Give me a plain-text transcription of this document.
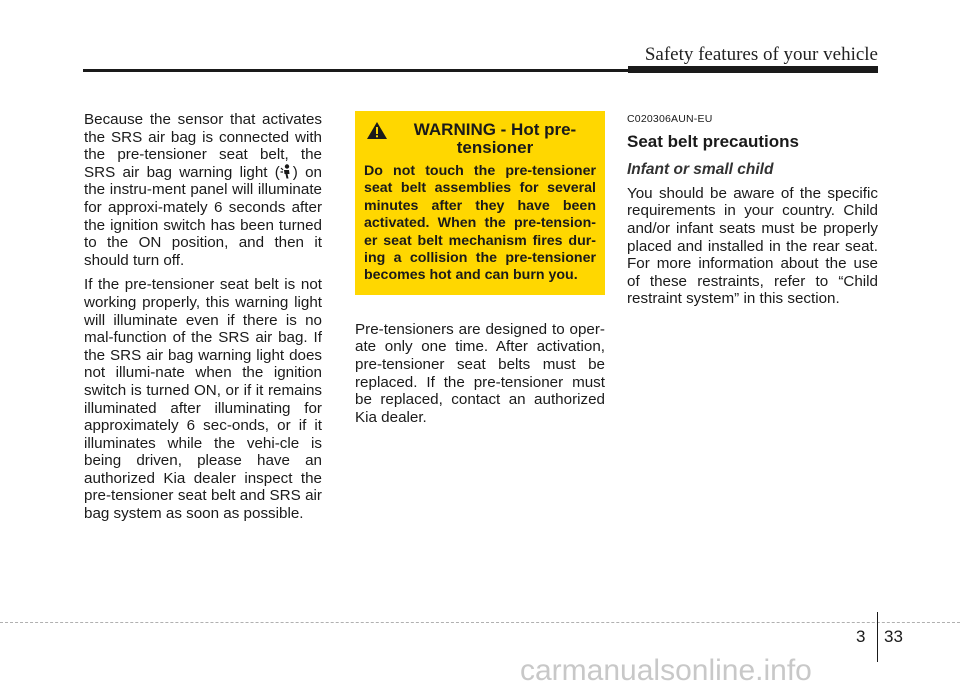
Safety features of your vehicle

Because the sensor that activates the SRS air bag is connected with the pre-tensioner seat belt, the SRS air bag warning light ( ) on the instru-ment panel will illuminate for approxi-mately 6 seconds after the ignition switch has been turned to the ON position, and then it should turn off.

If the pre-tensioner seat belt is not working properly, this warning light will illuminate even if there is no mal-function of the SRS air bag. If the SRS air bag warning light does not illumi-nate when the ignition switch is turned ON, or if it remains illuminated after illuminating for approximately 6 sec-onds, or if it illuminates while the vehi-cle is being driven, please have an authorized Kia dealer inspect the pre-tensioner seat belt and SRS air bag system as soon as possible.

WARNING - Hot pre-tensioner
Do not touch the pre-tensioner seat belt assemblies for several minutes after they have been activated. When the pre-tension-er seat belt mechanism fires dur-ing a collision the pre-tensioner becomes hot and can burn you.

Pre-tensioners are designed to oper-ate only one time. After activation, pre-tensioner seat belts must be replaced. If the pre-tensioner must be replaced, contact an authorized Kia dealer.

C020306AUN-EU
Seat belt precautions
Infant or small child

You should be aware of the specific requirements in your country. Child and/or infant seats must be properly placed and installed in the rear seat. For more information about the use of these restraints, refer to “Child restraint system” in this section.

3 33
carmanualsonline.info
